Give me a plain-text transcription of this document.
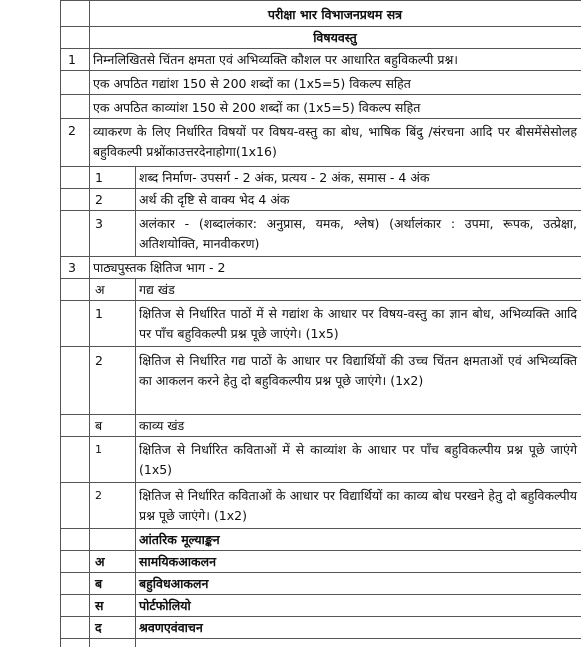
परीक्षा भार विभाजनप्रथम सत्र
विषयवस्तु
1	निम्नलिखितसे चिंतन क्षमता एवं अभिव्यक्ति कौशल पर आधारित बहुविकल्पी प्रश्न।
एक अपठित गद्यांश 150 से 200 शब्दों का (1x5=5) विकल्प सहित
एक अपठित काव्यांश 150 से 200 शब्दों का (1x5=5) विकल्प सहित
2	व्याकरण के लिए निर्धारित विषयों पर विषय-वस्तु का बोध, भाषिक बिंदु /संरचना आदि पर बीसमेंसेसोलह बहुविकल्पी प्रश्नोंकाउत्तरदेनाहोगा(1x16)
1	शब्द निर्माण- उपसर्ग - 2 अंक, प्रत्यय - 2 अंक, समास - 4 अंक
2	अर्थ की दृष्टि से वाक्य भेद 4 अंक
3	अलंकार - (शब्दालंकार: अनुप्रास, यमक, श्लेष) (अर्थालंकार : उपमा, रूपक, उत्प्रेक्षा, अतिशयोक्ति, मानवीकरण)
3	पाठ्यपुस्तक क्षितिज भाग - 2
अ	गद्य खंड
1	क्षितिज से निर्धारित पाठों में से गद्यांश के आधार पर विषय-वस्तु का ज्ञान बोध, अभिव्यक्ति आदि पर पाँच बहुविकल्पी प्रश्न पूछे जाएंगे। (1x5)
2	क्षितिज से निर्धारित गद्य पाठों के आधार पर विद्यार्थियों की उच्च चिंतन क्षमताओं एवं अभिव्यक्ति का आकलन करने हेतु दो बहुविकल्पीय प्रश्न पूछे जाएंगे। (1x2)
ब	काव्य खंड
1	क्षितिज से निर्धारित कविताओं में से काव्यांश के आधार पर पाँच बहुविकल्पीय प्रश्न पूछे जाएंगे (1x5)
2	क्षितिज से निर्धारित कविताओं के आधार पर विद्यार्थियों का काव्य बोध परखने हेतु दो बहुविकल्पीय प्रश्न पूछे जाएंगे। (1x2)
आंतरिक मूल्याङ्कन
अ	सामयिकआकलन
ब	बहुविधआकलन
स	पोर्टफोलियो
द	श्रवणएवंवाचन
